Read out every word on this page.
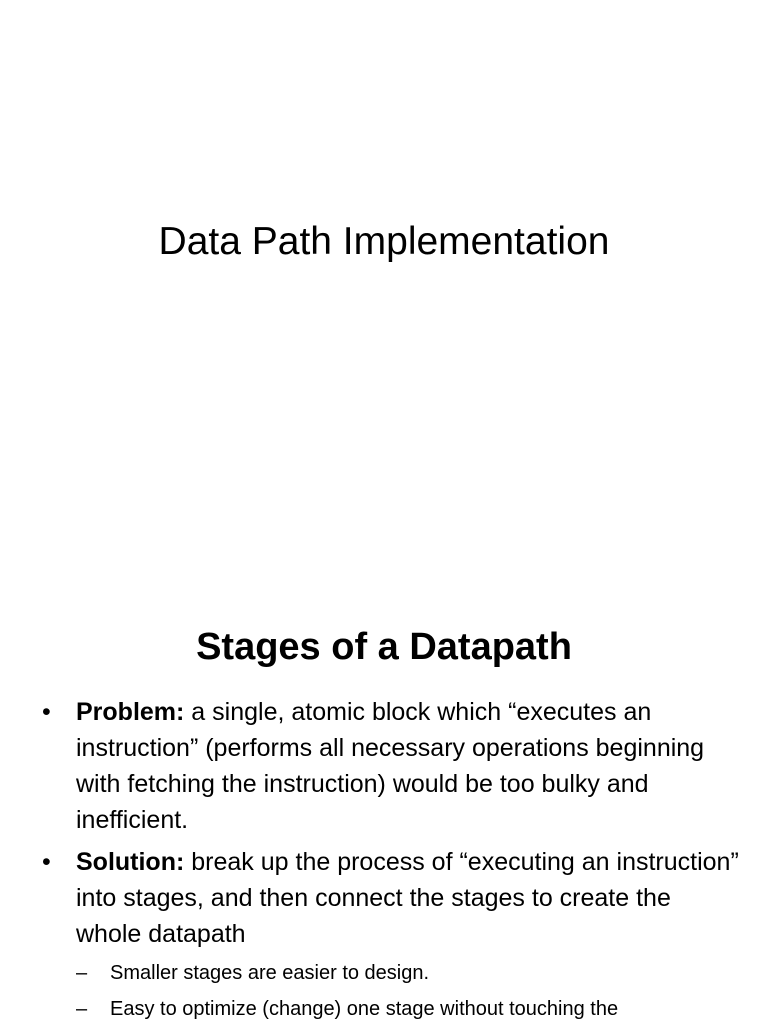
Data Path Implementation
Stages of a Datapath
•	Problem: a single, atomic block which “executes an instruction” (performs all necessary operations beginning with fetching the instruction) would be too bulky and inefficient.
•	Solution: break up the process of “executing an instruction” into stages, and then connect the stages to create the whole datapath
–	Smaller stages are easier to design.
–	Easy to optimize (change) one stage without touching the
